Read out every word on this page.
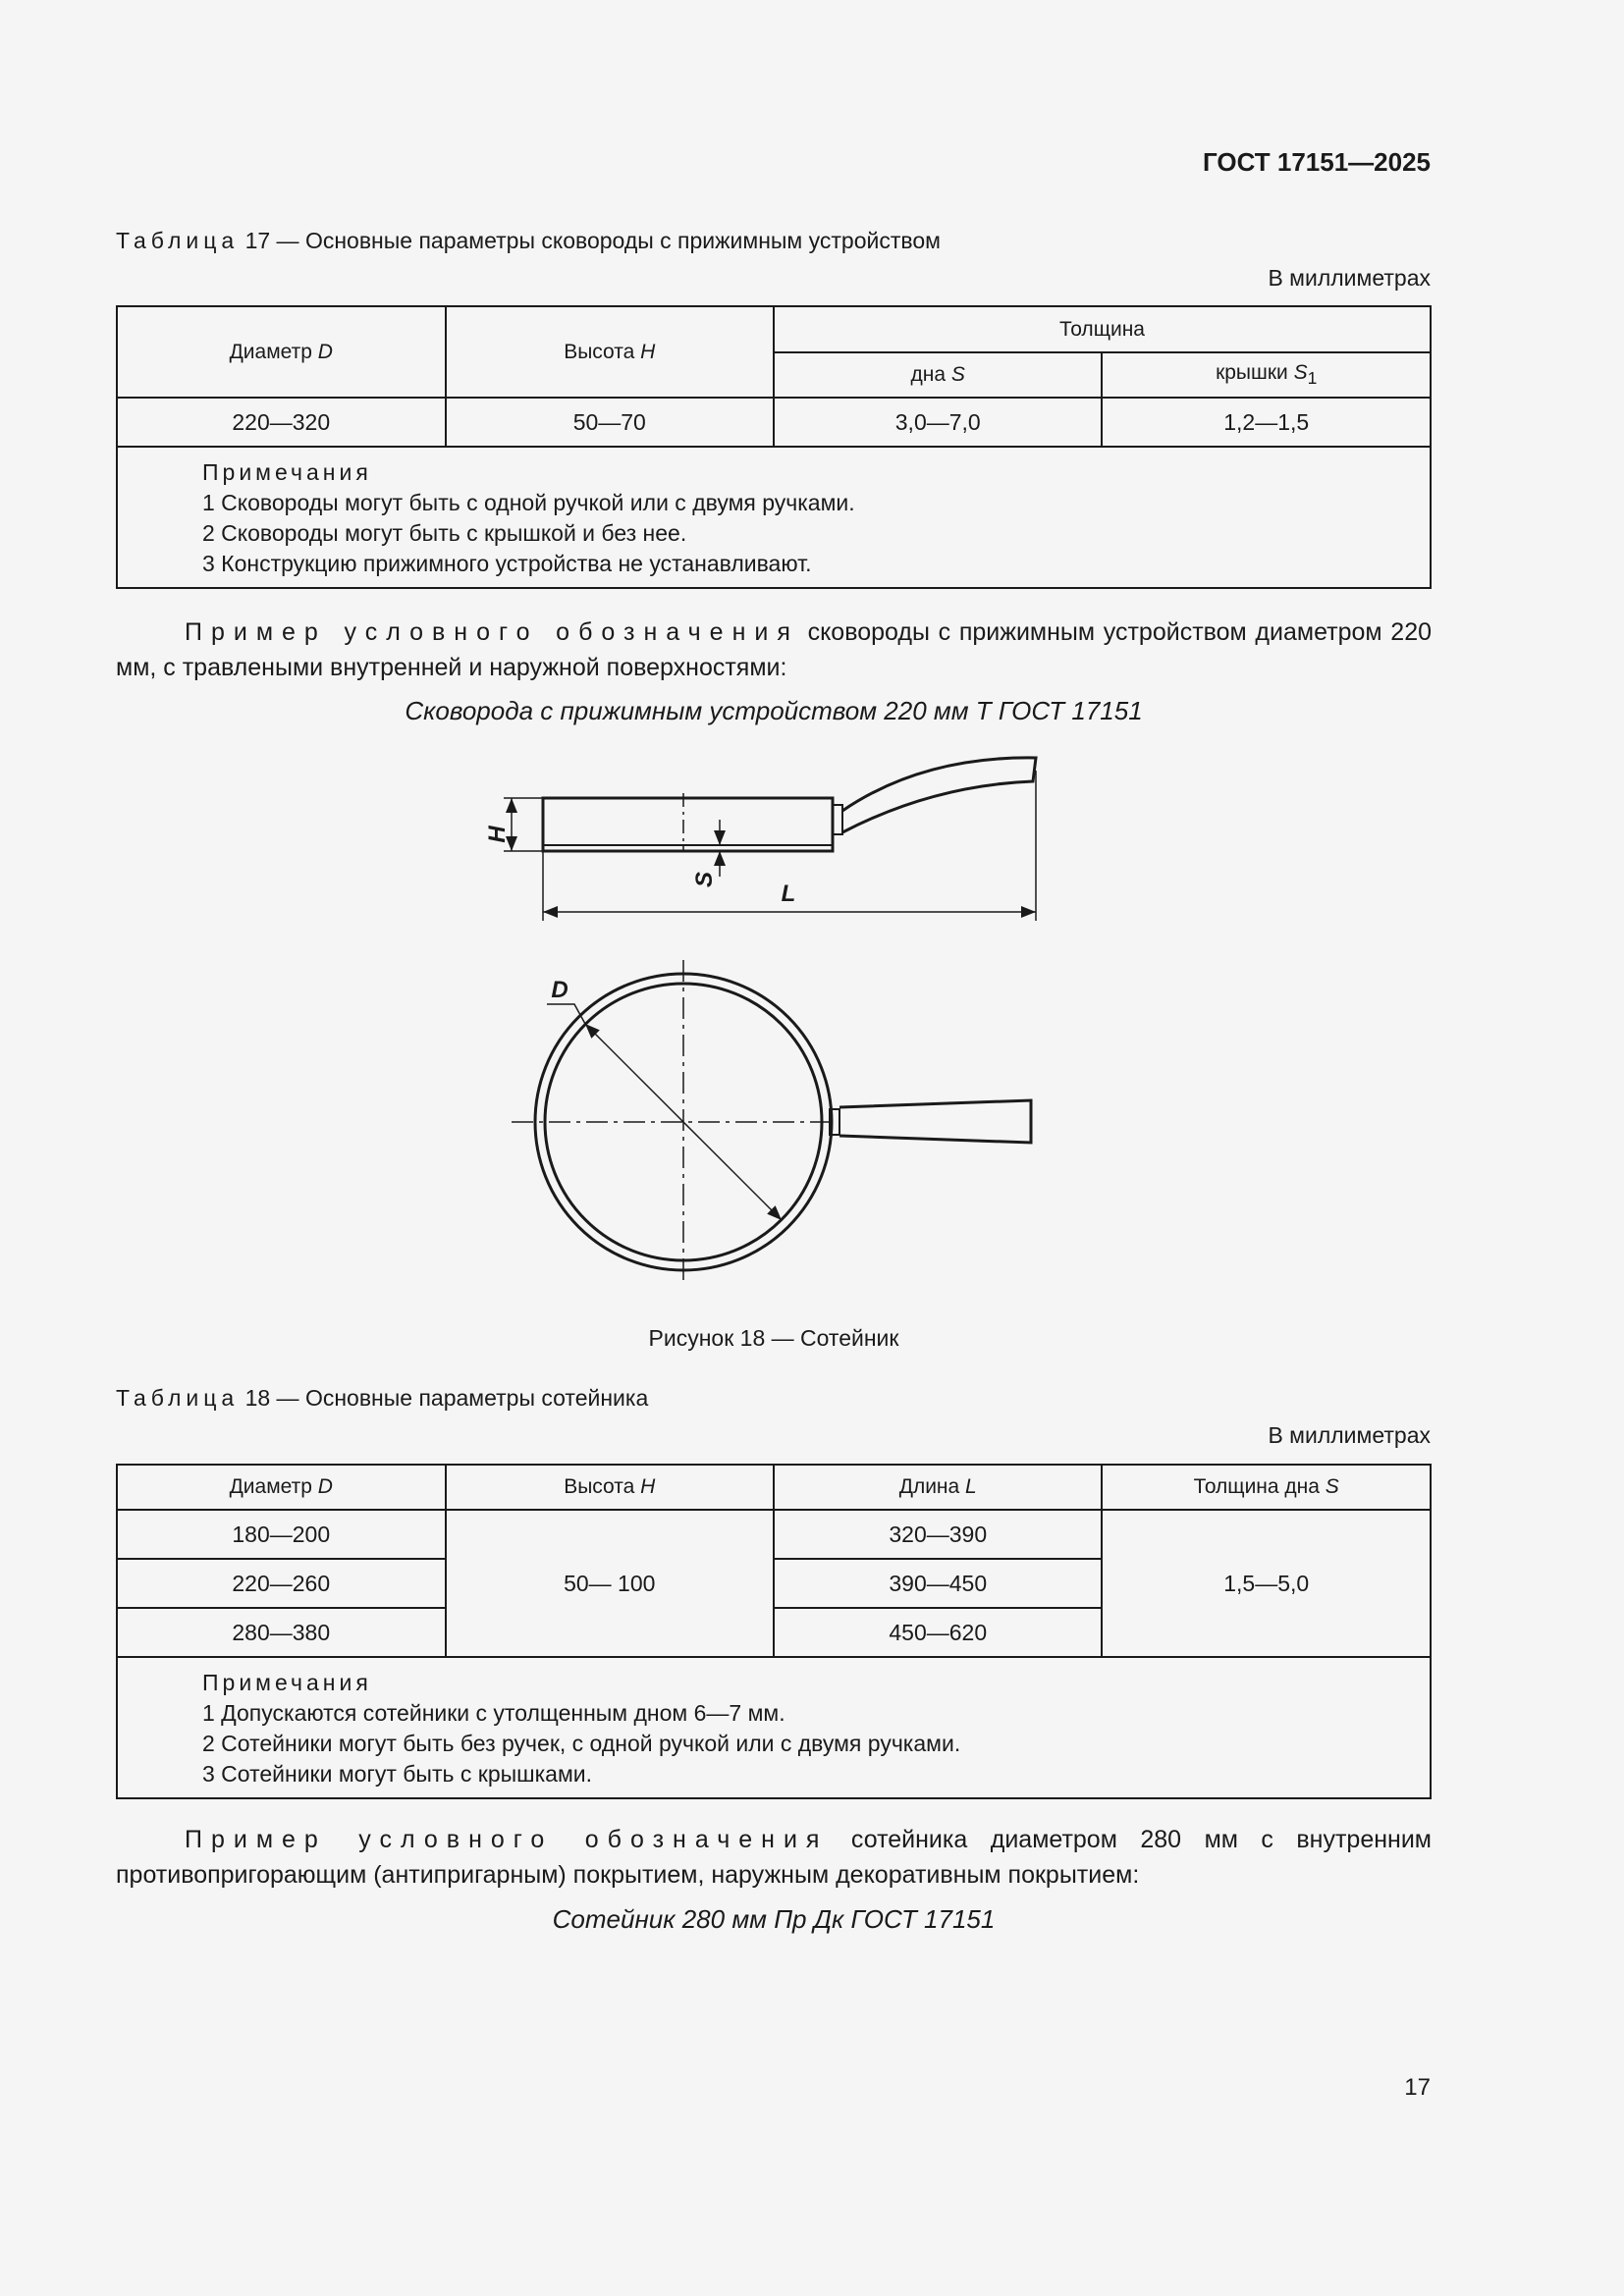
ГОСТ 17151—2025
Таблица 17 — Основные параметры сковороды с прижимным устройством
В миллиметрах
Диаметр D	Высота H	Толщина	
		дна S	крышки $S_1$
220—320	50—70	3,0—7,0	1,2—1,5

Примечания
1 Сковороды могут быть с одной ручкой или с двумя ручками.
2 Сковороды могут быть с крышкой и без нее.
3 Конструкцию прижимного устройства не устанавливают.			
Пример условного обозначения сковороды с прижимным устройством диаметром 220 мм, с травлеными внутренней и наружной поверхностями:
Сковорода с прижимным устройством 220 мм Т ГОСТ 17151
H
S
L
D
Рисунок 18 — Сотейник
Таблица 18 — Основные параметры сотейника
В миллиметрах
Диаметр D	Высота H	Длина L	Толщина дна S
180—200	50— 100	320—390	1,5—5,0
220—260		390—450	
280—380		450—620	

Примечания
1 Допускаются сотейники с утолщенным дном 6—7 мм.
2 Сотейники могут быть без ручек, с одной ручкой или с двумя ручками.
3 Сотейники могут быть с крышками.			
Пример условного обозначения сотейника диаметром 280 мм с внутренним противопригорающим (антипригарным) покрытием, наружным декоративным покрытием:
Сотейник 280 мм Пр Дк ГОСТ 17151
17
